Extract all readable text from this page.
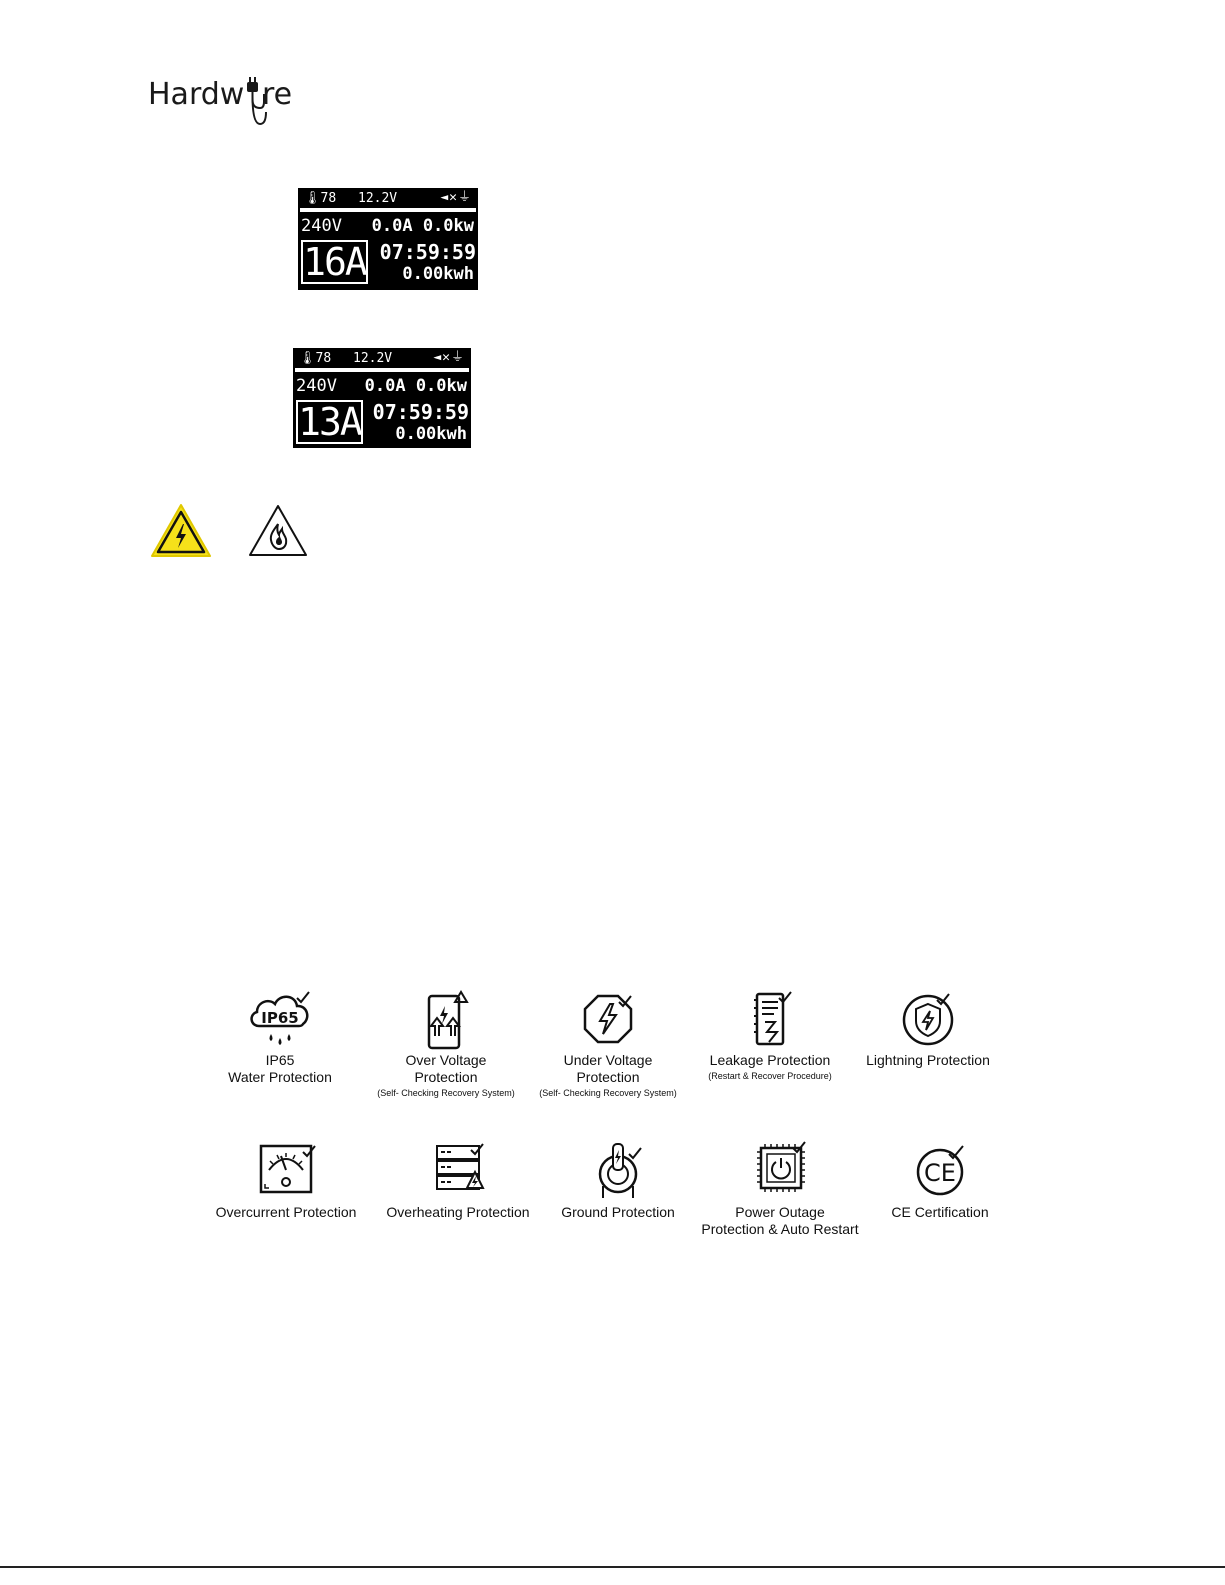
Hardw re
🌡78 12.2V	◄✕⏚
240V 0.0A 0.0kw
16A 07:59:59
0.00kwh
🌡78 12.2V	◄✕⏚
240V 0.0A 0.0kw
13A 07:59:59
0.00kwh
IP65
IP65
Water Protection
Over Voltage
Protection
(Self- Checking Recovery System)
Under Voltage
Protection
(Self- Checking Recovery System)
Leakage Protection
(Restart & Recover Procedure)
Lightning Protection
Overcurrent Protection	Overheating Protection	Ground Protection	Power Outage
Protection & Auto Restart
CE
CE Certification
